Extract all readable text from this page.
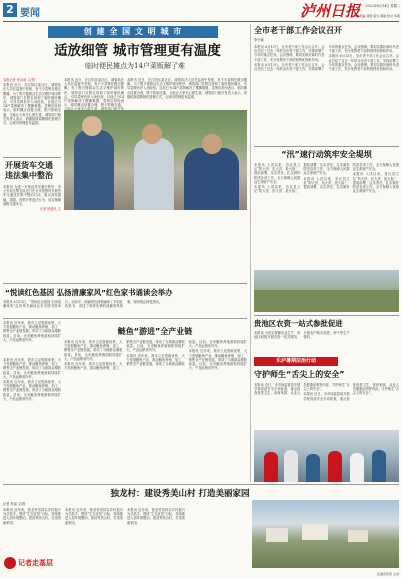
2 要闻	泸州日报	2022年6月14日 星期二
本版责编 刘婷 版式 胡敏 校对 李燕
创 建 全 国 文 明 城 市
适放细管 城市管理更有温度
临时便民摊点为14户菜贩解了难

本报记者 张诗雨 文/图

本报讯 近日，在江阳区某社区，城管执法人员在巡查中发现，有不少菜贩在路边摆摊。为了既方便群众生活又维护城市秩序，城管部门在附近规划了临时便民摊点，引导菜贩有序入场经营。目前已为14户菜贩解决了摆摊难题。菜贩们纷纷表示，临时摊点设置合理，既不影响交通，又能让大家安心做生意。城管部门相关负责人表示，将继续探索精细化管理方式，让城市管理更有温度。

本报讯 近日，在江阳区某社区，城管执法人员在巡查中发现，有不少菜贩在路边摆摊。为了既方便群众生活又维护城市秩序，城管部门在附近规划了临时便民摊点，引导菜贩有序入场经营。目前已为14户菜贩解决了摆摊难题。菜贩们纷纷表示，临时摊点设置合理，既不影响交通，

本报讯 近日，在江阳区某社区，城管执法人员在巡查中发现，有不少菜贩在路边摆摊。为了既方便群众生活又维护城市秩序，城管部门在附近规划了临时便民摊点，引导菜贩有序入场经营。目前已为14户菜贩解决了摆摊难题。菜贩们纷纷表示，临时摊点设置合理，既不影响交通，又能让大家安心做生意。城管部门相关负责人表示，将继续探索精细化管理方式，让城市管理更有温度。

开展货车交通违法集中整治

本报讯 为进一步规范货车通行秩序，市公安局交警支队近日在全市范围内开展货车交通违法集中整治行动，重点查处超载、超限、闯禁行等违法行为，切实保障道路交通安全。

记者 杨逸凡 文

“悦读红色基因 弘扬清廉家风”红色家书诵读会举办

本报讯 6月13日，“悦读红色基因 弘扬清廉家风”红色家书诵读会在市图书馆举行。活动中，朗诵者们深情诵读了多封红色家书，讲述了革命先辈的清廉家风故事，现场观众深受感动。

本报讯 近年来，我市立足资源优势，大力发展鲢鱼产业，推动鲢鱼养殖、加工、销售全产业链发展，带动了当地群众增收致富。目前，全市鲢鱼养殖面积持续扩大，产品远销省内外。

鲢鱼“游进”全产业链

本报讯 近年来，我市立足资源优势，大力发展鲢鱼产业，推动鲢鱼养殖、加工、销售全产业链发展，带动了当地群众增收致富。目前，全市鲢鱼养殖面积持续扩大，产品远销省内外。

本报讯 近年来，我市立足资源优势，大力发展鲢鱼产业，推动鲢鱼养殖、加工、销售全产业链发展，带动了当地群众增收致富。目前，全市鲢鱼养殖面积持续扩大，产品远销省内外。

本报讯 近年来，我市立足资源优势，大力发展鲢鱼产业，推动鲢鱼养殖、加工、销售全产业链发展，带动了当地群众增收致富。目前，全市鲢鱼养殖面积持续扩大，产品远销省内外。

本报讯 近年来，我市立足资源优势，大力发展鲢鱼产业，推动鲢鱼养殖、加工、销售全产业链发展，带动了当地群众增收致富。目前，全市鲢鱼养殖面积持续扩大，产品远销省内外。

本报讯 近年来，我市立足资源优势，大力发展鲢鱼产业，推动鲢鱼养殖、加工、销售全产业链发展，带动了当地群众增收致富。目前，全市鲢鱼养殖面积持续扩大，产品远销省内外。

本报讯 近年来，我市立足资源优势，大力发展鲢鱼产业，推动鲢鱼养殖、加工、销售全产业链发展，带动了当地群众增收致富。目前，全市鲢鱼养殖面积持续扩大，产品远销省内外。

全市老干部工作会议召开
李小娜

本报讯 6月13日，全市老干部工作会议召开。会议总结了过去一年的全市老干部工作，安排部署了今年的重点任务。会议强调，要切实做好新时代老干部工作，充分发挥老干部的独特优势和作用。

本报讯 6月13日，全市老干部工作会议召开。会议总结了过去一年的全市老干部工作，安排部署了今年的重点任务。会议强调，要切实做好新时代老干部工作，充分发挥老干部的独特优势和作用。

本报讯 6月13日，全市老干部工作会议召开。会议总结了过去一年的全市老干部工作，安排部署了今年的重点任务。会议强调，要切实做好新时代老干部工作，充分发挥老干部的独特优势和作用。

“汛”速行动筑牢安全堤坝

本报讯 入汛以来，各区县立足“防大汛、抗大洪、抢大险”，提前部署、压实责任，扎实做好防汛各项工作，全力保障人民群众生命财产安全。

本报讯 入汛以来，各区县立足“防大汛、抗大洪、抢大险”，提前部署、压实责任，扎实做好防汛各项工作，全力保障人民群众生命财产安全。

本报讯 入汛以来，各区县立足“防大汛、抗大洪、抢大险”，提前部署、压实责任，扎实做好防汛各项工作，全力保障人民群众生命财产安全。

本报讯 入汛以来，各区县立足“防大汛、抗大洪、抢大险”，提前部署、压实责任，扎实做好防汛各项工作，全力保障人民群众生命财产安全。

贵池区农资一站式参批促进

本报讯 为切实保障农业生产，贵池区积极开展农资一站式服务，方便农户购买化肥、种子等生产资料。

乐泸暑期法治行动
守护师生“舌尖上的安全”

本报讯 近日，市市场监管局开展学校食品安全专项检查，重点检查食堂卫生、食材来源、从业人员健康证明等内容，守护师生“舌尖上的安全”。

本报讯 近日，市市场监管局开展学校食品安全专项检查，重点检查食堂卫生、食材来源、从业人员健康证明等内容，守护师生“舌尖上的安全”。

独龙村：建设秀美山村 打造美丽家园
记者 肖丽 文/图

本报讯 近年来，独龙村坚持以乡村振兴为总抓手，围绕“生态宜居”目标，持续推进人居环境整治，建设秀美山村，打造美丽家园。

本报讯 近年来，独龙村坚持以乡村振兴为总抓手，围绕“生态宜居”目标，持续推进人居环境整治，建设秀美山村，打造美丽家园。

本报讯 近年来，独龙村坚持以乡村振兴为总抓手，围绕“生态宜居”目标，持续推进人居环境整治，建设秀美山村，打造美丽家园。

记者走基层
区委宣传部 主办
